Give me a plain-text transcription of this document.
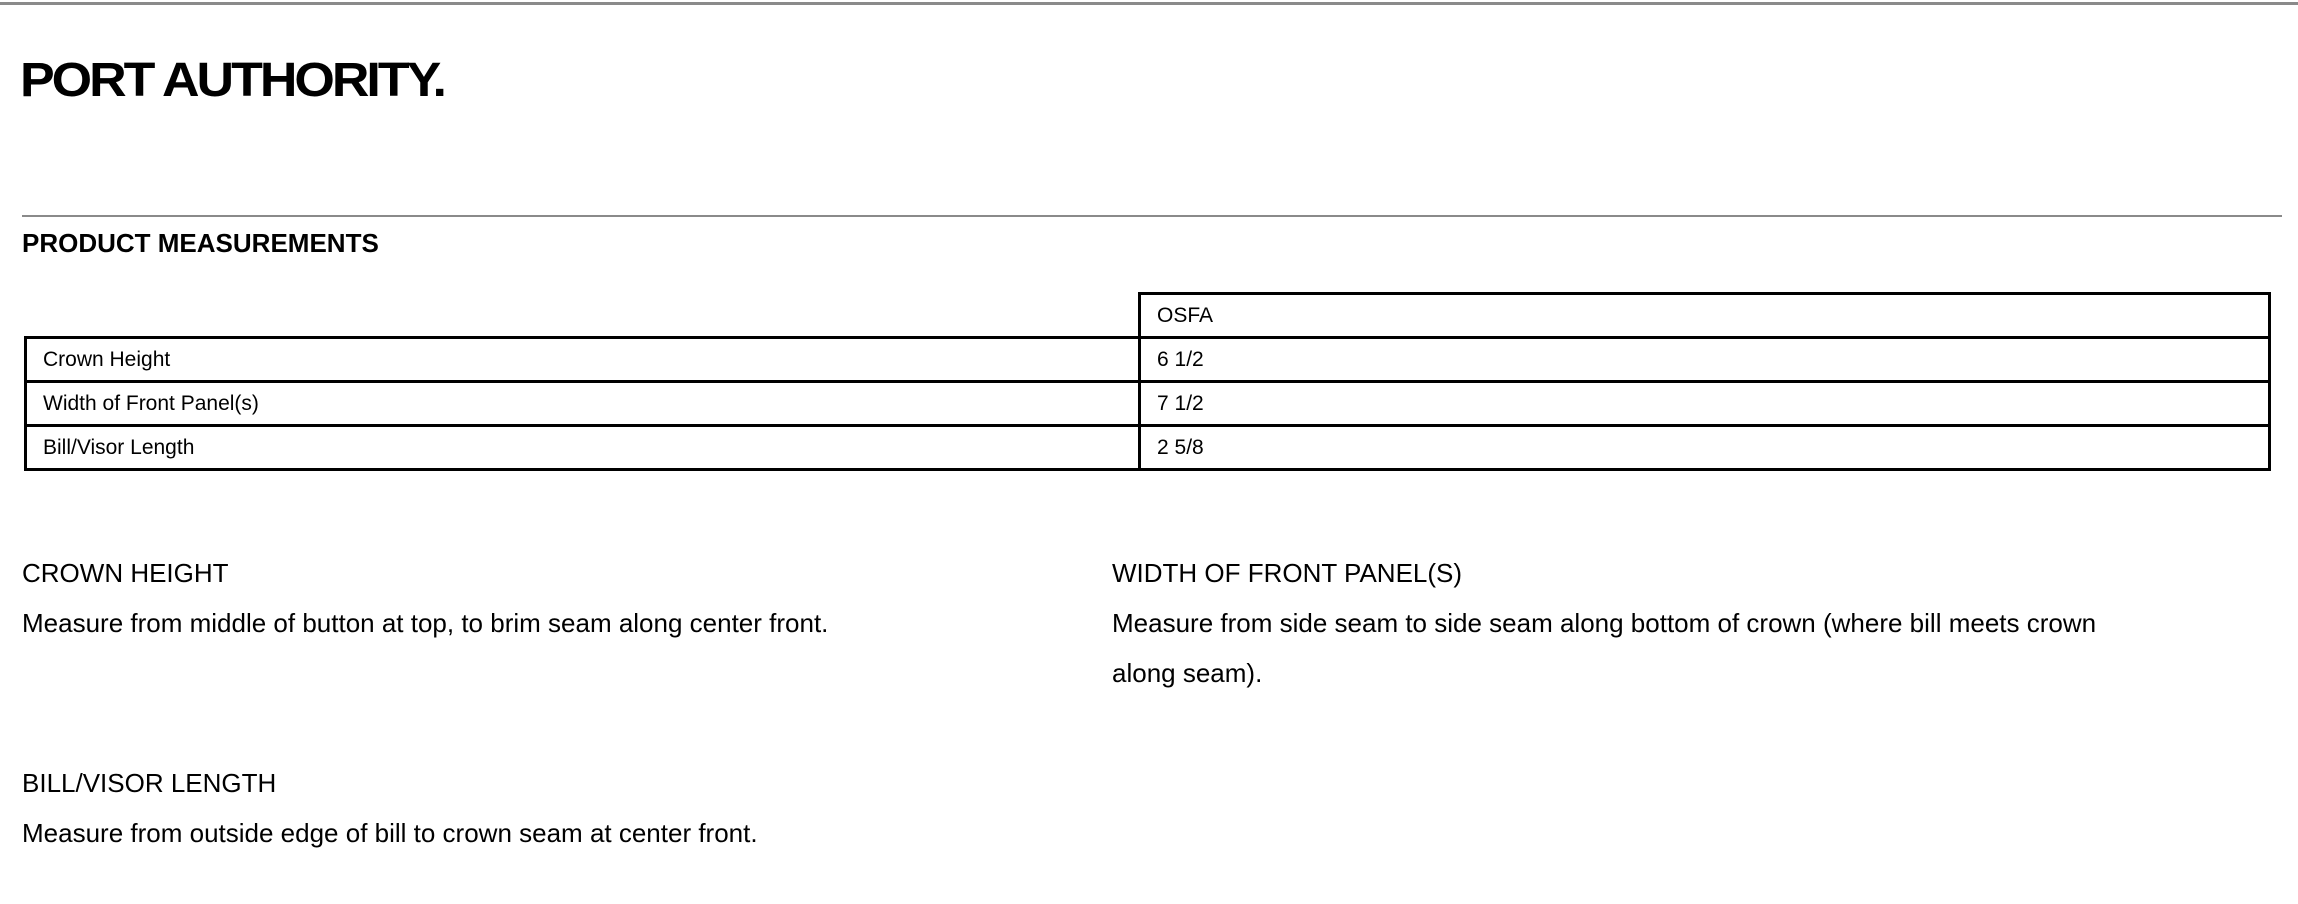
PORT AUTHORITY.
PRODUCT MEASUREMENTS
	OSFA
Crown Height	6 1/2
Width of Front Panel(s)	7 1/2
Bill/Visor Length	2 5/8
CROWN HEIGHT
Measure from middle of button at top, to brim seam along center front.
WIDTH OF FRONT PANEL(S)
Measure from side seam to side seam along bottom of crown (where bill meets crown along seam).
BILL/VISOR LENGTH
Measure from outside edge of bill to crown seam at center front.
